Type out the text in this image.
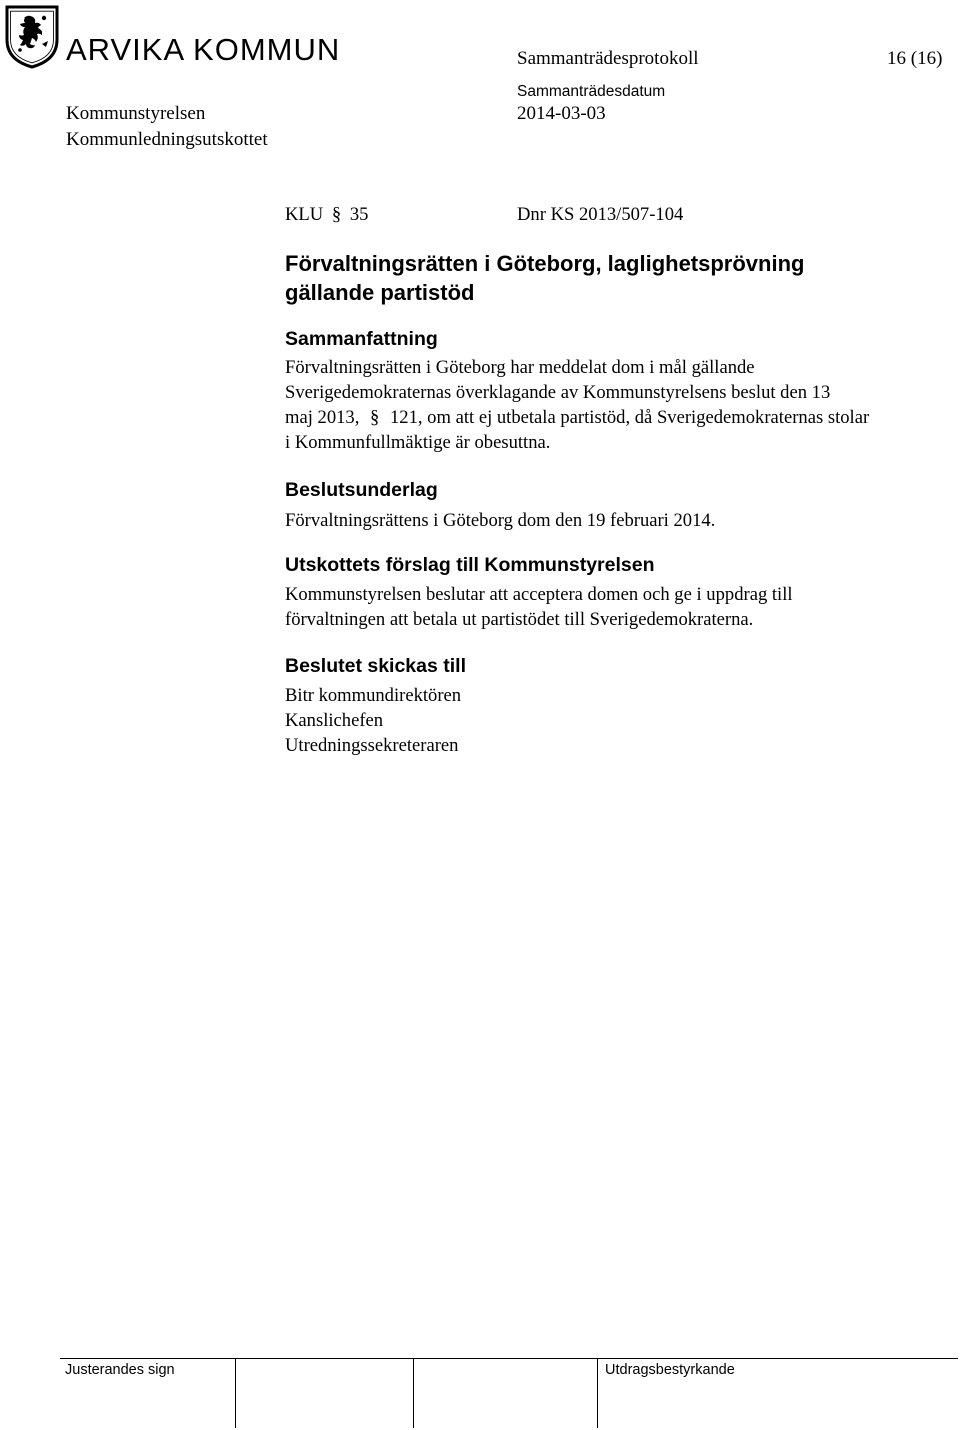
ARVIKA KOMMUN	Sammanträdesprotokoll	16 (16)
Sammanträdesdatum
Kommunstyrelsen	2014-03-03
Kommunledningsutskottet
KLU § 35	Dnr KS 2013/507-104

Förvaltningsrätten i Göteborg, laglighetsprövning

gällande partistöd

Sammanfattning

Förvaltningsrätten i Göteborg har meddelat dom i mål gällande

Sverigedemokraternas överklagande av Kommunstyrelsens beslut den 13

maj 2013, § 121, om att ej utbetala partistöd, då Sverigedemokraternas stolar

i Kommunfullmäktige är obesuttna.

Beslutsunderlag

Förvaltningsrättens i Göteborg dom den 19 februari 2014.

Utskottets förslag till Kommunstyrelsen

Kommunstyrelsen beslutar att acceptera domen och ge i uppdrag till

förvaltningen att betala ut partistödet till Sverigedemokraterna.

Beslutet skickas till

Bitr kommundirektören

Kanslichefen

Utredningssekreteraren

Justerandes sign	Utdragsbestyrkande
